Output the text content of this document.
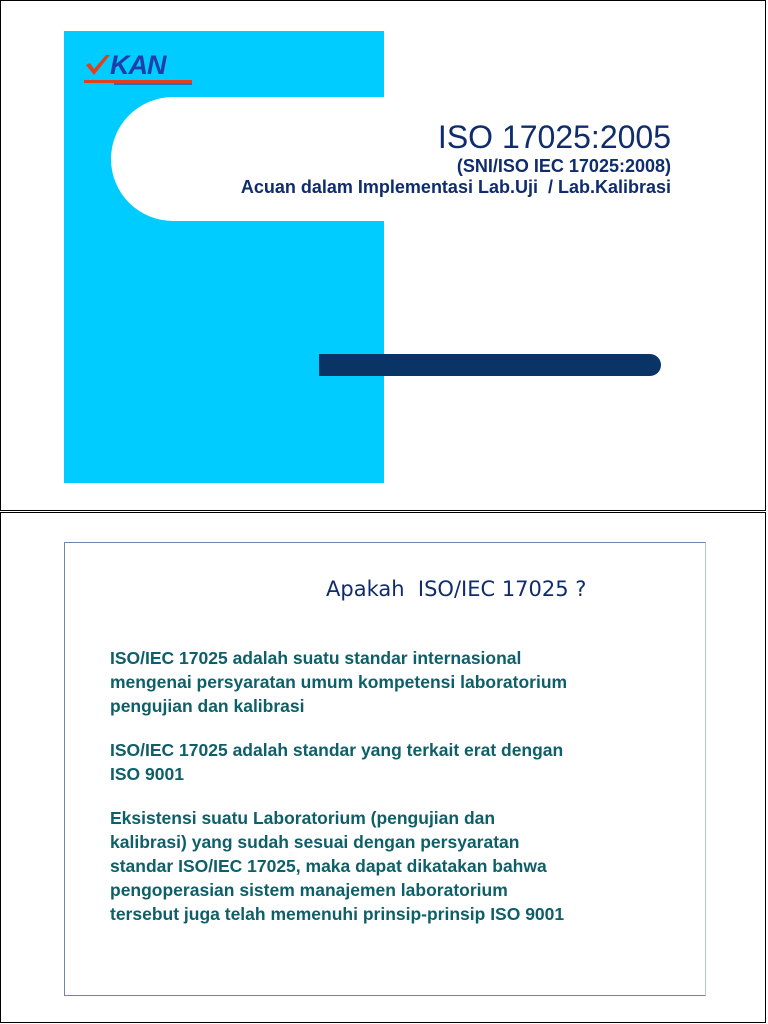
KAN
ISO 17025:2005
(SNI/ISO IEC 17025:2008)
Acuan dalam Implementasi Lab.Uji  / Lab.Kalibrasi
Apakah  ISO/IEC 17025 ?

ISO/IEC 17025 adalah suatu standar internasional
mengenai persyaratan umum kompetensi laboratorium
pengujian dan kalibrasi

ISO/IEC 17025 adalah standar yang terkait erat dengan
ISO 9001

Eksistensi suatu Laboratorium (pengujian dan
kalibrasi) yang sudah sesuai dengan persyaratan
standar ISO/IEC 17025, maka dapat dikatakan bahwa
pengoperasian sistem manajemen laboratorium
tersebut juga telah memenuhi prinsip-prinsip ISO 9001
